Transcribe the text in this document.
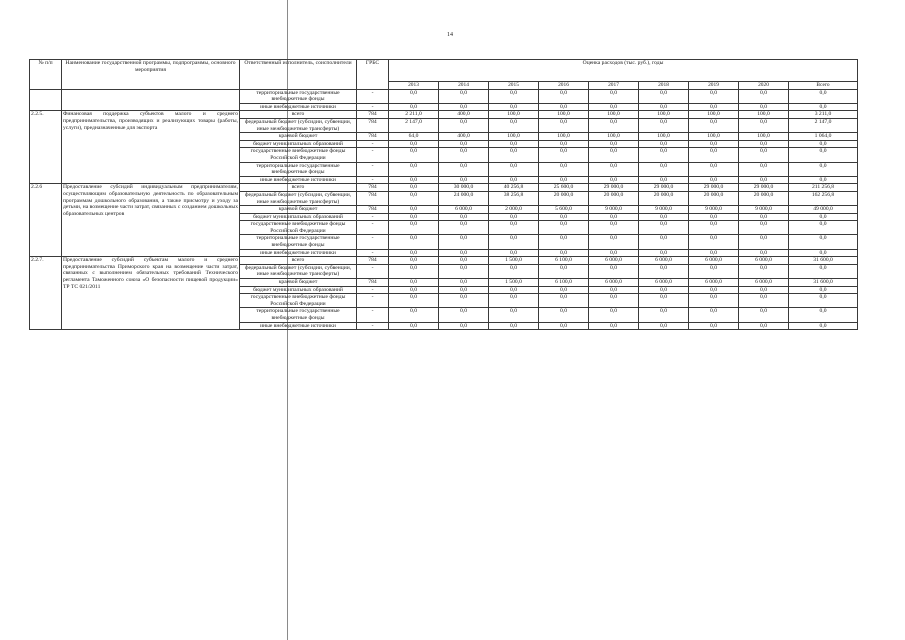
14
№ п/п	Наименование государственной программы, подпрограммы, основного мероприятия	Ответственный исполнитель, соисполнители	ГРБС	Оценка расходов (тыс. руб.), годы								
				2013	2014	2015	2016	2017	2018	2019	2020	Всего
		территориальные государственные внебюджетные фонды	-	0,0	0,0	0,0	0,0	0,0	0,0	0,0	0,0	0,0
		иные внебюджетные источники	-	0,0	0,0	0,0	0,0	0,0	0,0	0,0	0,0	0,0
2.2.5.	Финансовая поддержка субъектов малого и среднего предпринимательства, производящих и реализующих товары (работы, услуги), предназначенные для экспорта	всего	784	2 211,0	400,0	100,0	100,0	100,0	100,0	100,0	100,0	3 211,0
		федеральный бюджет (субсидии, субвенции, иные межбюджетные трансферты)	784	2 147,0	0,0	0,0	0,0	0,0	0,0	0,0	0,0	2 147,0
		краевой бюджет	784	64,0	400,0	100,0	100,0	100,0	100,0	100,0	100,0	1 064,0
		бюджет муниципальных образований	-	0,0	0,0	0,0	0,0	0,0	0,0	0,0	0,0	0,0
		государственные внебюджетные фонды Российской Федерации	-	0,0	0,0	0,0	0,0	0,0	0,0	0,0	0,0	0,0
		территориальные государственные внебюджетные фонды	-	0,0	0,0	0,0	0,0	0,0	0,0	0,0	0,0	0,0
		иные внебюджетные источники	-	0,0	0,0	0,0	0,0	0,0	0,0	0,0	0,0	0,0
2.2.6	Предоставление субсидий индивидуальным предпринимателям, осуществляющим образовательную деятельность по образовательным программам дошкольного образования, а также присмотру и уходу за детьми, на возмещение части затрат, связанных с созданием дошкольных образовательных центров	всего	784	0,0	30 000,0	40 256,8	25 600,0	29 000,0	29 000,0	29 000,0	29 000,0	211 256,8
		федеральный бюджет (субсидии, субвенции, иные межбюджетные трансферты)	784	0,0	24 000,0	38 256,8	20 000,0	20 000,0	20 000,0	20 000,0	20 000,0	162 256,8
		краевой бюджет	784	0,0	6 000,0	2 000,0	5 600,0	9 000,0	9 000,0	9 000,0	9 000,0	49 000,0
		бюджет муниципальных образований	-	0,0	0,0	0,0	0,0	0,0	0,0	0,0	0,0	0,0
		государственные внебюджетные фонды Российской Федерации	-	0,0	0,0	0,0	0,0	0,0	0,0	0,0	0,0	0,0
		территориальные государственные внебюджетные фонды	-	0,0	0,0	0,0	0,0	0,0	0,0	0,0	0,0	0,0
		иные внебюджетные источники	-	0,0	0,0	0,0	0,0	0,0	0,0	0,0	0,0	0,0
2.2.7.	Предоставление субсидий субъектам малого и среднего предпринимательства Приморского края на возмещение части затрат, связанных с выполнением обязательных требований Технического регламента Таможенного союза «О безопасности пищевой продукции» ТР ТС 021/2011	всего	784	0,0	0,0	1 500,0	6 100,0	6 000,0	6 000,0	6 000,0	6 000,0	31 600,0
		федеральный бюджет (субсидии, субвенции, иные межбюджетные трансферты)	-	0,0	0,0	0,0	0,0	0,0	0,0	0,0	0,0	0,0
		краевой бюджет	784	0,0	0,0	1 500,0	6 100,0	6 000,0	6 000,0	6 000,0	6 000,0	31 600,0
		бюджет муниципальных образований	-	0,0	0,0	0,0	0,0	0,0	0,0	0,0	0,0	0,0
		государственные внебюджетные фонды Российской Федерации	-	0,0	0,0	0,0	0,0	0,0	0,0	0,0	0,0	0,0
		территориальные государственные внебюджетные фонды	-	0,0	0,0	0,0	0,0	0,0	0,0	0,0	0,0	0,0
		иные внебюджетные источники	-	0,0	0,0	0,0	0,0	0,0	0,0	0,0	0,0	0,0
